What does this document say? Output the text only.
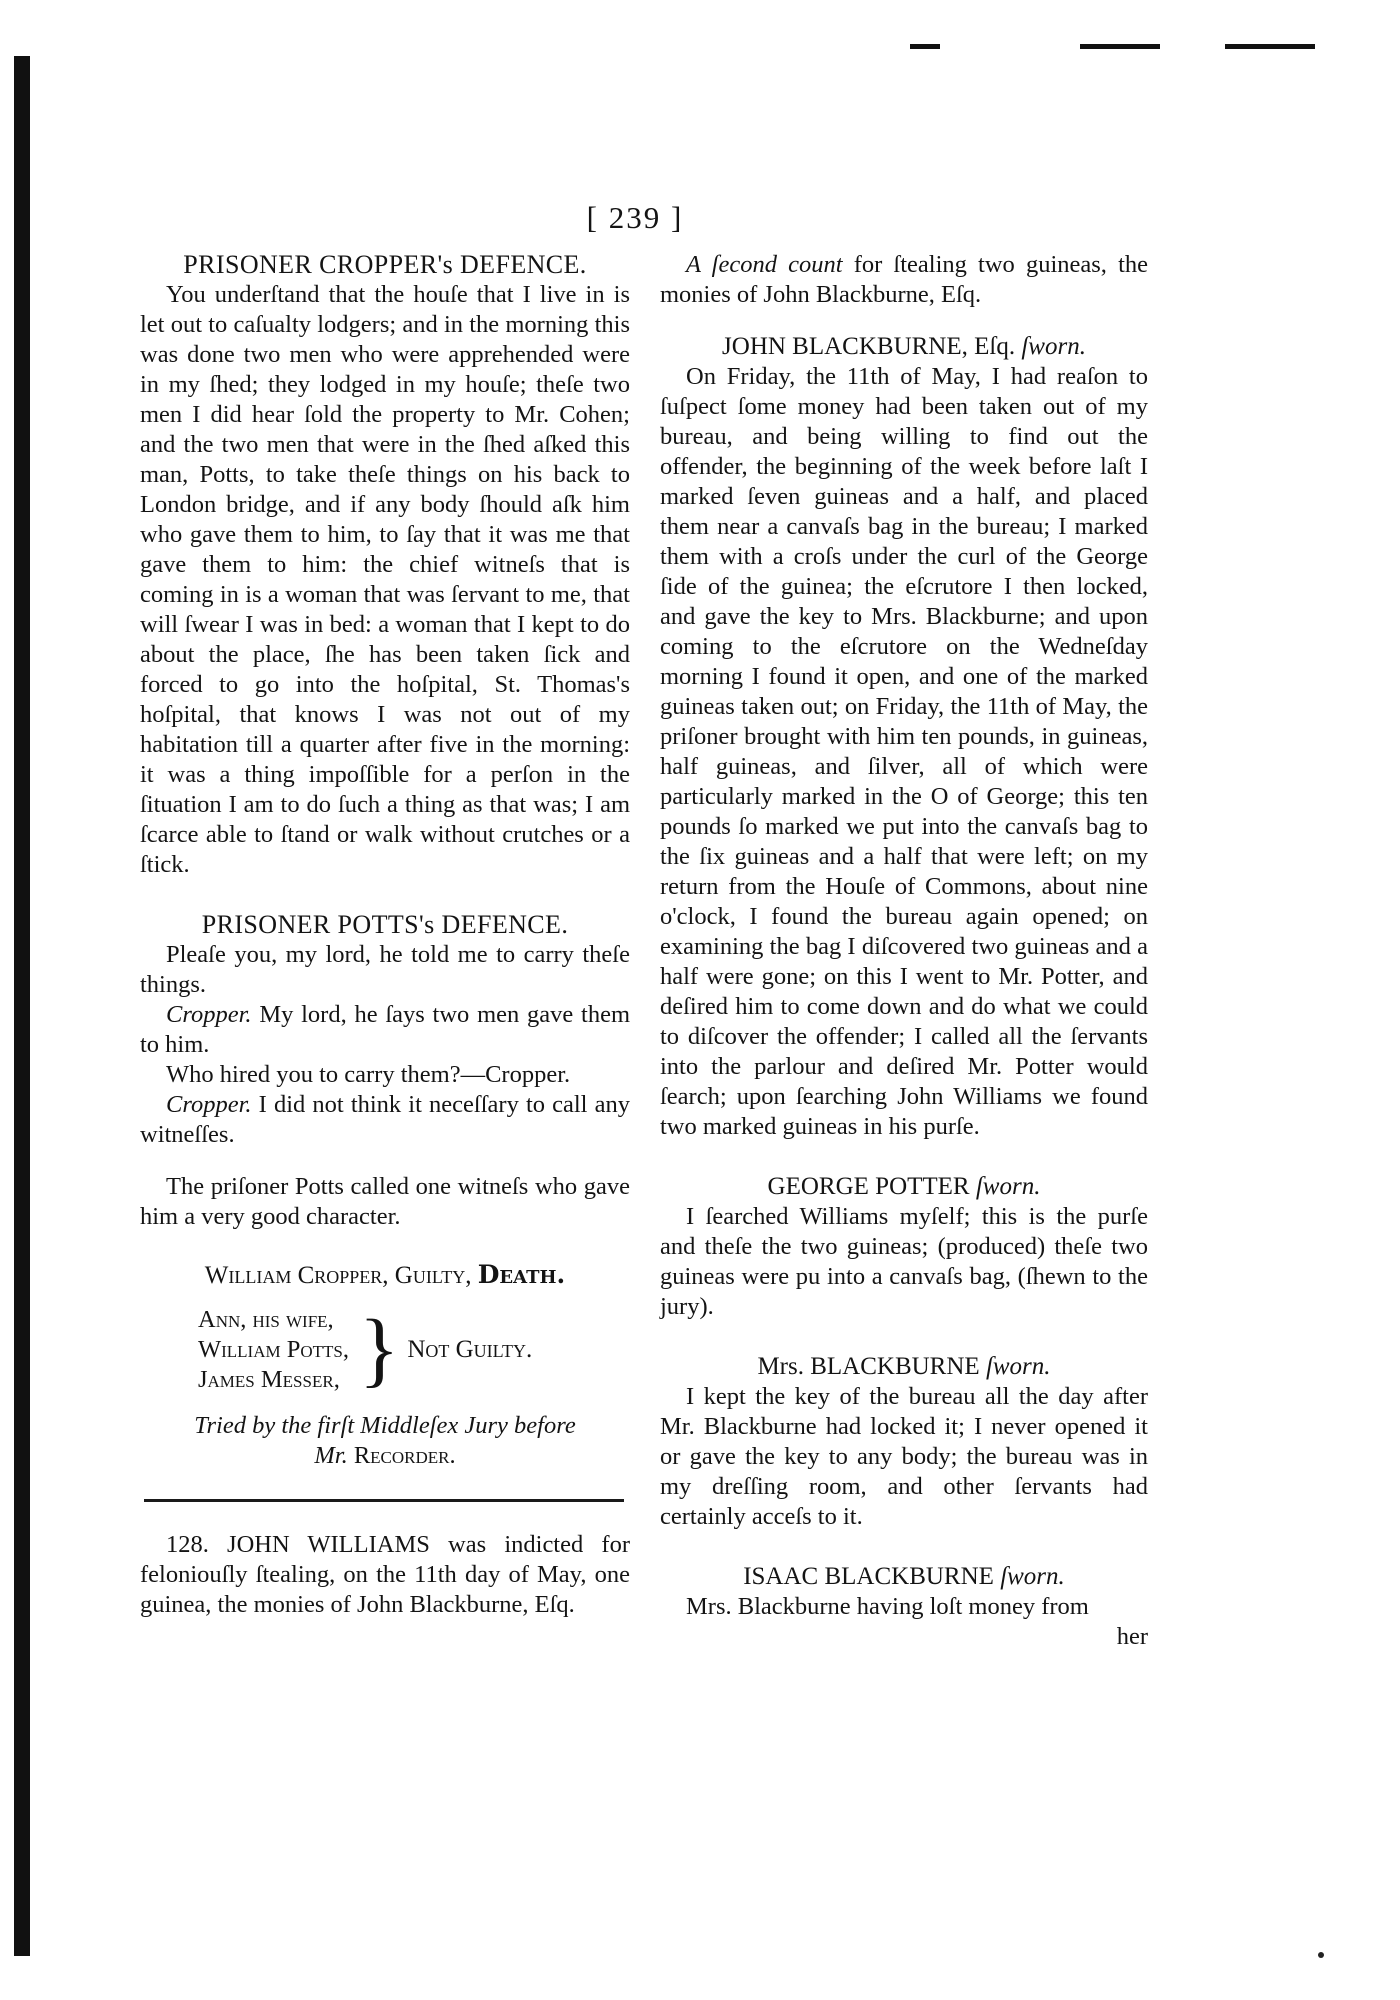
[ 239 ]

PRISONER CROPPER's DEFENCE.

You underſtand that the houſe that I live in is let out to caſualty lodgers; and in the morning this was done two men who were apprehended were in my ſhed; they lodged in my houſe; theſe two men I did hear ſold the property to Mr. Cohen; and the two men that were in the ſhed aſked this man, Potts, to take theſe things on his back to London bridge, and if any body ſhould aſk him who gave them to him, to ſay that it was me that gave them to him: the chief witneſs that is coming in is a woman that was ſervant to me, that will ſwear I was in bed: a woman that I kept to do about the place, ſhe has been taken ſick and forced to go into the hoſpital, St. Thomas's hoſpital, that knows I was not out of my habitation till a quarter after five in the morning: it was a thing impoſſible for a perſon in the ſituation I am to do ſuch a thing as that was; I am ſcarce able to ſtand or walk without crutches or a ſtick.

PRISONER POTTS's DEFENCE.

Pleaſe you, my lord, he told me to carry theſe things.

Cropper. My lord, he ſays two men gave them to him.

Who hired you to carry them?—Cropper.

Cropper. I did not think it neceſſary to call any witneſſes.

The priſoner Potts called one witneſs who gave him a very good character.

William Cropper, Guilty, Death.

Ann, his wife,
William Potts,
James Messer, } Not Guilty.
Tried by the firſt Middleſex Jury before
Mr. Recorder.

128. JOHN WILLIAMS was indicted for feloniouſly ſtealing, on the 11th day of May, one guinea, the monies of John Blackburne, Eſq.

A ſecond count for ſtealing two guineas, the monies of John Blackburne, Eſq.

JOHN BLACKBURNE, Eſq. ſworn.

On Friday, the 11th of May, I had reaſon to ſuſpect ſome money had been taken out of my bureau, and being willing to find out the offender, the beginning of the week before laſt I marked ſeven guineas and a half, and placed them near a canvaſs bag in the bureau; I marked them with a croſs under the curl of the George ſide of the guinea; the eſcrutore I then locked, and gave the key to Mrs. Blackburne; and upon coming to the eſcrutore on the Wedneſday morning I found it open, and one of the marked guineas taken out; on Friday, the 11th of May, the priſoner brought with him ten pounds, in guineas, half guineas, and ſilver, all of which were particularly marked in the O of George; this ten pounds ſo marked we put into the canvaſs bag to the ſix guineas and a half that were left; on my return from the Houſe of Commons, about nine o'clock, I found the bureau again opened; on examining the bag I diſcovered two guineas and a half were gone; on this I went to Mr. Potter, and deſired him to come down and do what we could to diſcover the offender; I called all the ſervants into the parlour and deſired Mr. Potter would ſearch; upon ſearching John Williams we found two marked guineas in his purſe.

GEORGE POTTER ſworn.

I ſearched Williams myſelf; this is the purſe and theſe the two guineas; (produced) theſe two guineas were pu into a canvaſs bag, (ſhewn to the jury).

Mrs. BLACKBURNE ſworn.

I kept the key of the bureau all the day after Mr. Blackburne had locked it; I never opened it or gave the key to any body; the bureau was in my dreſſing room, and other ſervants had certainly acceſs to it.

ISAAC BLACKBURNE ſworn.

Mrs. Blackburne having loſt money from

her
